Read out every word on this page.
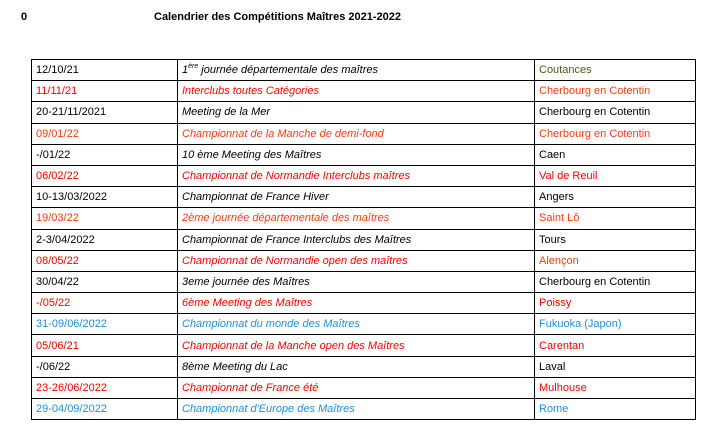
0	Calendrier des Compétitions Maîtres 2021-2022
12/10/21	1ère journée départementale des maîtres	Coutances
11/11/21	Interclubs toutes Catégories	Cherbourg en Cotentin
20-21/11/2021	Meeting de la Mer	Cherbourg en Cotentin
09/01/22	Championnat de la Manche de demi-fond	Cherbourg en Cotentin
-/01/22	10 ème Meeting des Maîtres	Caen
06/02/22	Championnat de Normandie Interclubs maîtres	Val de Reuil
10-13/03/2022	Championnat de France Hiver	Angers
19/03/22	2ème journée départementale des maîtres	Saint Lô
2-3/04/2022	Championnat de France Interclubs des Maîtres	Tours
08/05/22	Championnat de Normandie open des maîtres	Alençon
30/04/22	3eme journée des Maîtres	Cherbourg en Cotentin
-/05/22	6ème Meeting des Maîtres	Poissy
31-09/06/2022	Championnat du monde des Maîtres	Fukuoka (Japon)
05/06/21	Championnat de la Manche open des Maîtres	Carentan
-/06/22	8ème Meeting du Lac	Laval
23-26/06/2022	Championnat de France été	Mulhouse
29-04/09/2022	Championnat d'Europe des Maîtres	Rome
